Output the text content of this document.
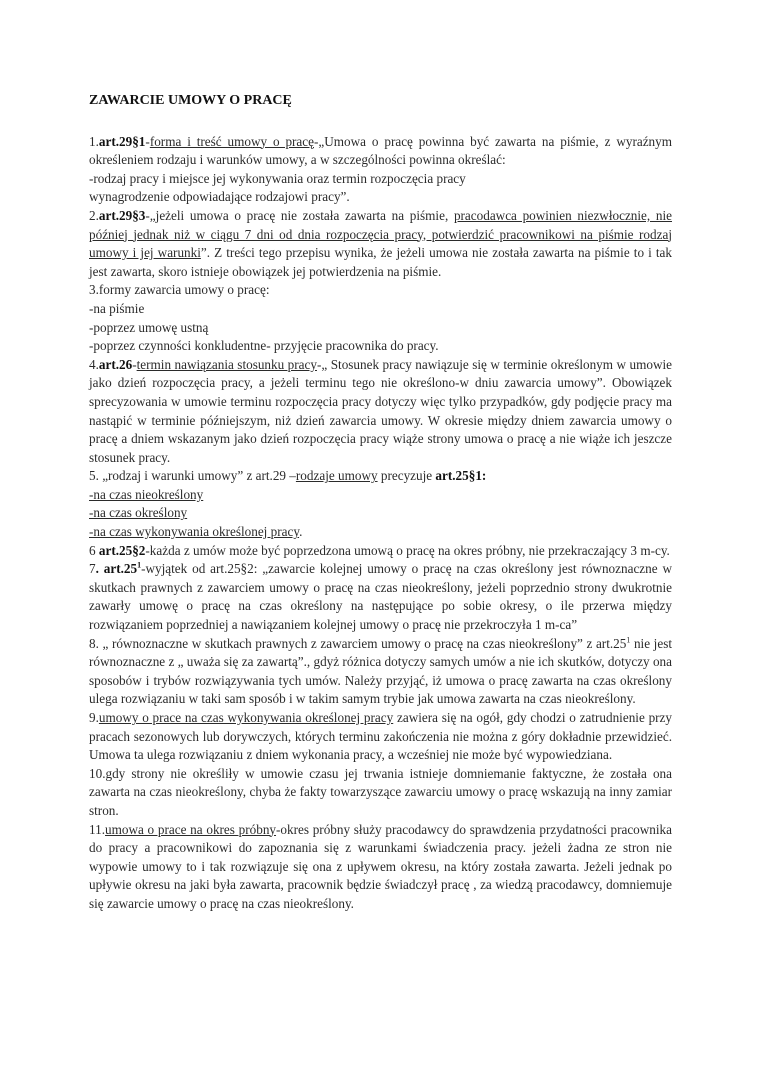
ZAWARCIE UMOWY O PRACĘ

1.art.29§1-forma i treść umowy o pracę-„Umowa o pracę powinna być zawarta na piśmie, z wyraźnym określeniem rodzaju i warunków umowy, a w szczególności powinna określać:

-rodzaj pracy i miejsce jej wykonywania oraz termin rozpoczęcia pracy

wynagrodzenie odpowiadające rodzajowi pracy”.

2.art.29§3-„jeżeli umowa o pracę nie została zawarta na piśmie, pracodawca powinien niezwłocznie, nie później jednak niż w ciągu 7 dni od dnia rozpoczęcia pracy, potwierdzić pracownikowi na piśmie rodzaj umowy i jej warunki”. Z treści tego przepisu wynika, że jeżeli umowa nie została zawarta na piśmie to i tak jest zawarta, skoro istnieje obowiązek jej potwierdzenia na piśmie.

3.formy zawarcia umowy o pracę:

-na piśmie

-poprzez umowę ustną

-poprzez czynności konkludentne- przyjęcie pracownika do pracy.

4.art.26-termin nawiązania stosunku pracy-„ Stosunek pracy nawiązuje się w terminie określonym w umowie jako dzień rozpoczęcia pracy, a jeżeli terminu tego nie określono-w dniu zawarcia umowy”. Obowiązek sprecyzowania w umowie terminu rozpoczęcia pracy dotyczy więc tylko przypadków, gdy podjęcie pracy ma nastąpić w terminie późniejszym, niż dzień zawarcia umowy. W okresie między dniem zawarcia umowy o pracę a dniem wskazanym jako dzień rozpoczęcia pracy wiąże strony umowa o pracę a nie wiąże ich jeszcze stosunek pracy.

5. „rodzaj i warunki umowy” z art.29 –rodzaje umowy precyzuje art.25§1:

-na czas nieokreślony

-na czas określony

-na czas wykonywania określonej pracy.

6 art.25§2-każda z umów może być poprzedzona umową o pracę na okres próbny, nie przekraczający 3 m-cy.

7. $art.25^1$-wyjątek od art.25§2: „zawarcie kolejnej umowy o pracę na czas określony jest równoznaczne w skutkach prawnych z zawarciem umowy o pracę na czas nieokreślony, jeżeli poprzednio strony dwukrotnie zawarły umowę o pracę na czas określony na następujące po sobie okresy, o ile przerwa między rozwiązaniem poprzedniej a nawiązaniem kolejnej umowy o pracę nie przekroczyła 1 m-ca”

8. „ równoznaczne w skutkach prawnych z zawarciem umowy o pracę na czas nieokreślony” z $art.25^1$ nie jest równoznaczne z „ uważa się za zawartą”., gdyż różnica dotyczy samych umów a nie ich skutków, dotyczy ona sposobów i trybów rozwiązywania tych umów. Należy przyjąć, iż umowa o pracę zawarta na czas określony ulega rozwiązaniu w taki sam sposób i w takim samym trybie jak umowa zawarta na czas nieokreślony.

9.umowy o prace na czas wykonywania określonej pracy zawiera się na ogół, gdy chodzi o zatrudnienie przy pracach sezonowych lub dorywczych, których terminu zakończenia nie można z góry dokładnie przewidzieć. Umowa ta ulega rozwiązaniu z dniem wykonania pracy, a wcześniej nie może być wypowiedziana.

10.gdy strony nie określiły w umowie czasu jej trwania istnieje domniemanie faktyczne, że została ona zawarta na czas nieokreślony, chyba że fakty towarzyszące zawarciu umowy o pracę wskazują na inny zamiar stron.

11.umowa o prace na okres próbny-okres próbny służy pracodawcy do sprawdzenia przydatności pracownika do pracy a pracownikowi do zapoznania się z warunkami świadczenia pracy. jeżeli żadna ze stron nie wypowie umowy to i tak rozwiązuje się ona z upływem okresu, na który została zawarta. Jeżeli jednak po upływie okresu na jaki była zawarta, pracownik będzie świadczył pracę , za wiedzą pracodawcy, domniemuje się zawarcie umowy o pracę na czas nieokreślony.
